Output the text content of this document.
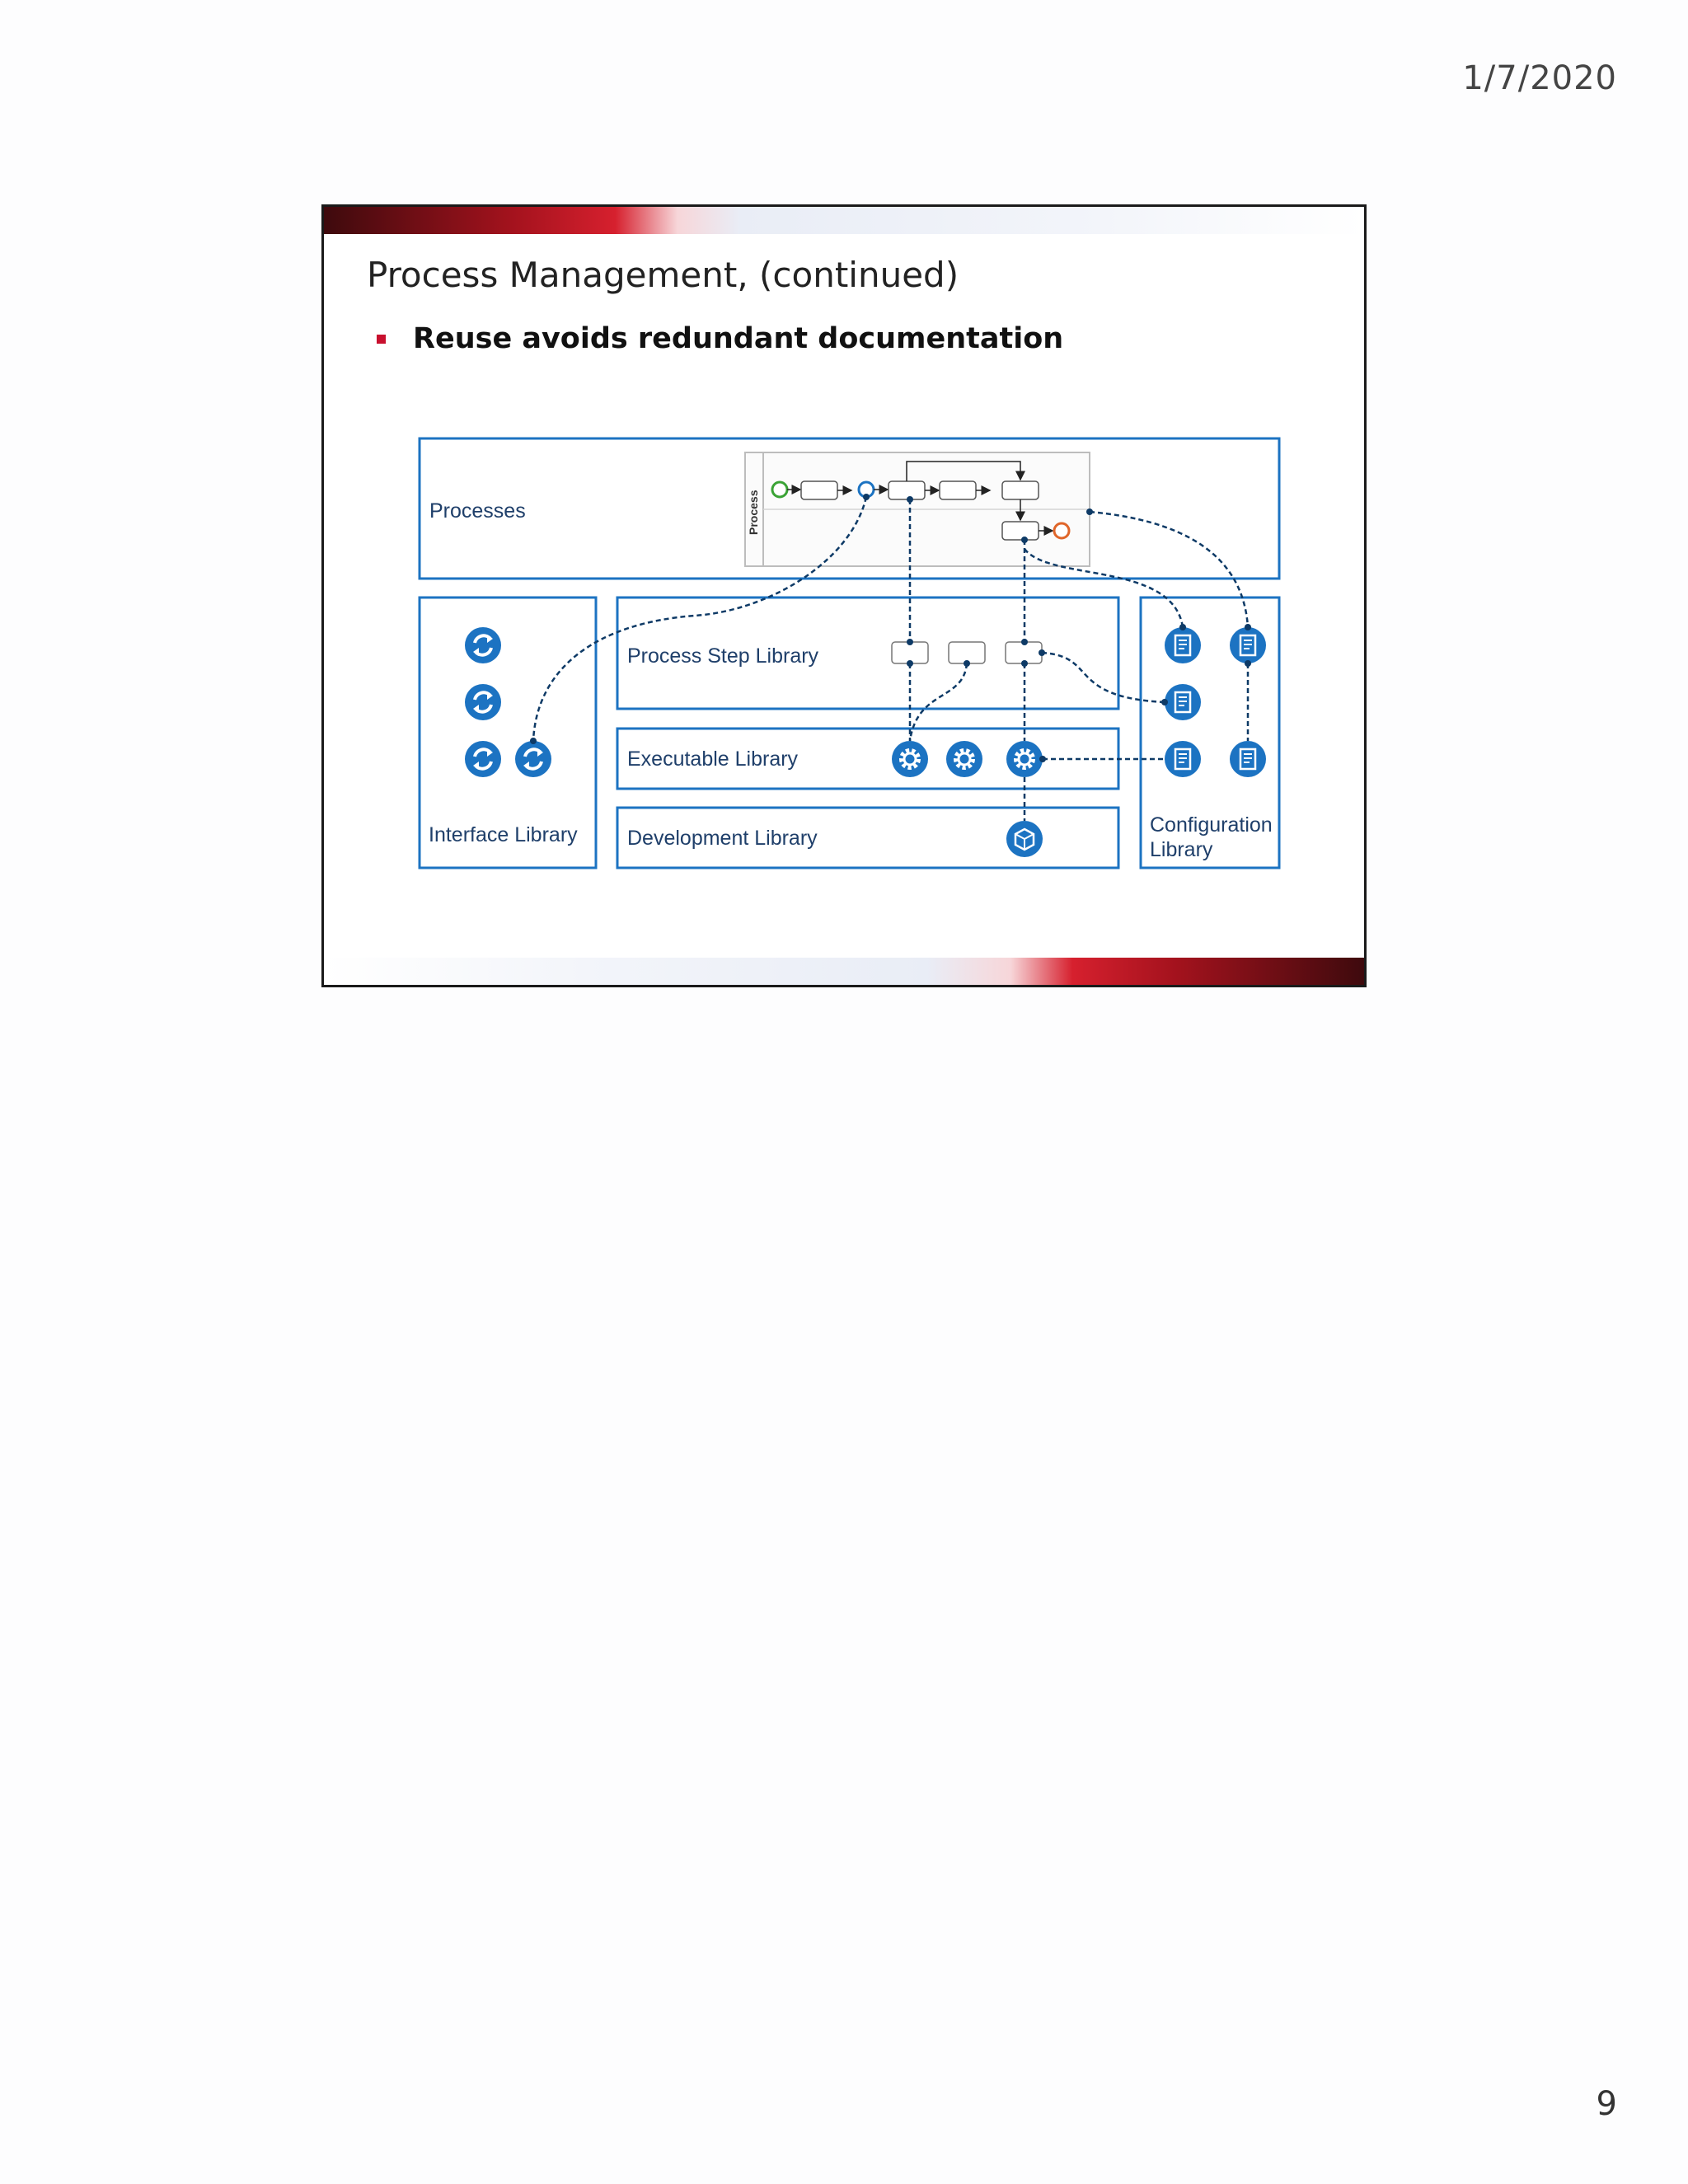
1/7/2020
Process Management, (continued)
Reuse avoids redundant documentation
Processes	Process
Interface Library
Process Step Library
Executable Library
Development Library
Configuration
Library
9
